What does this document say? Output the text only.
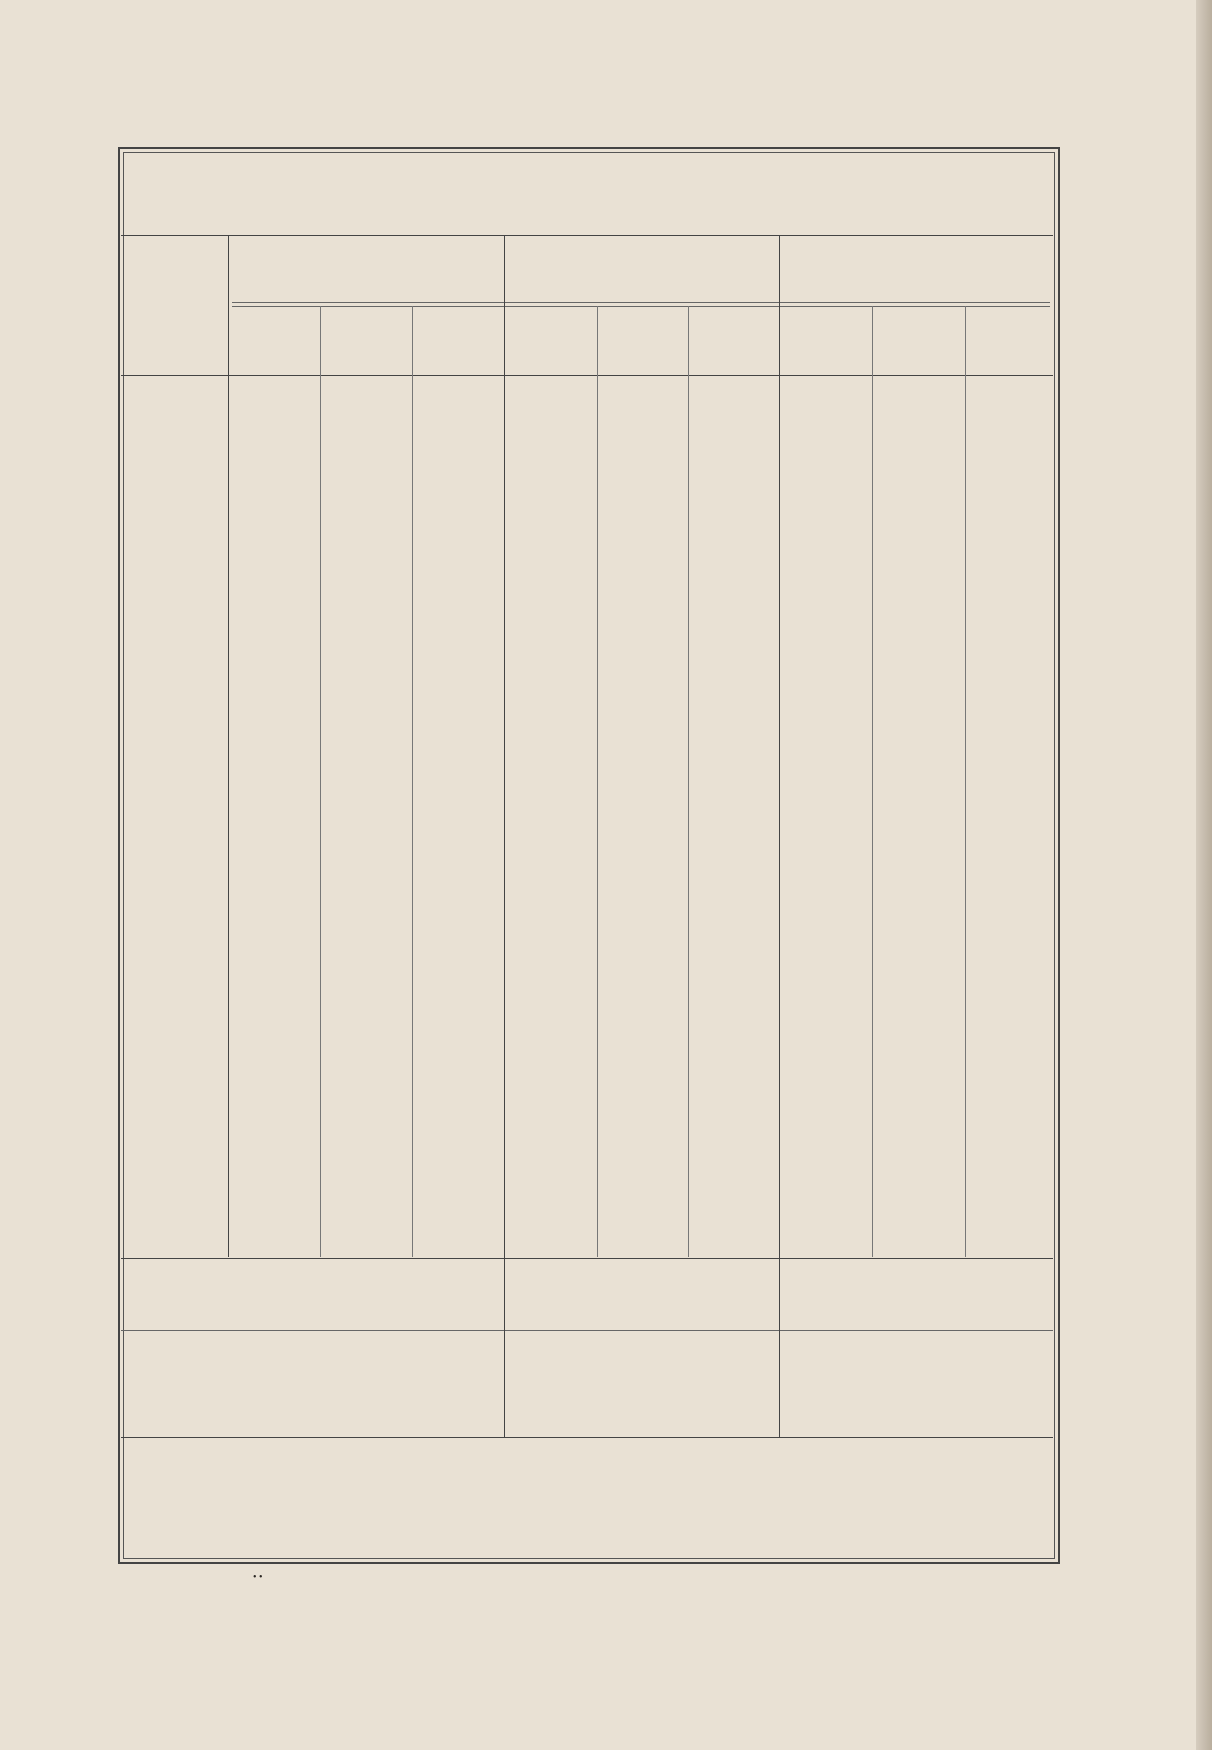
• •
